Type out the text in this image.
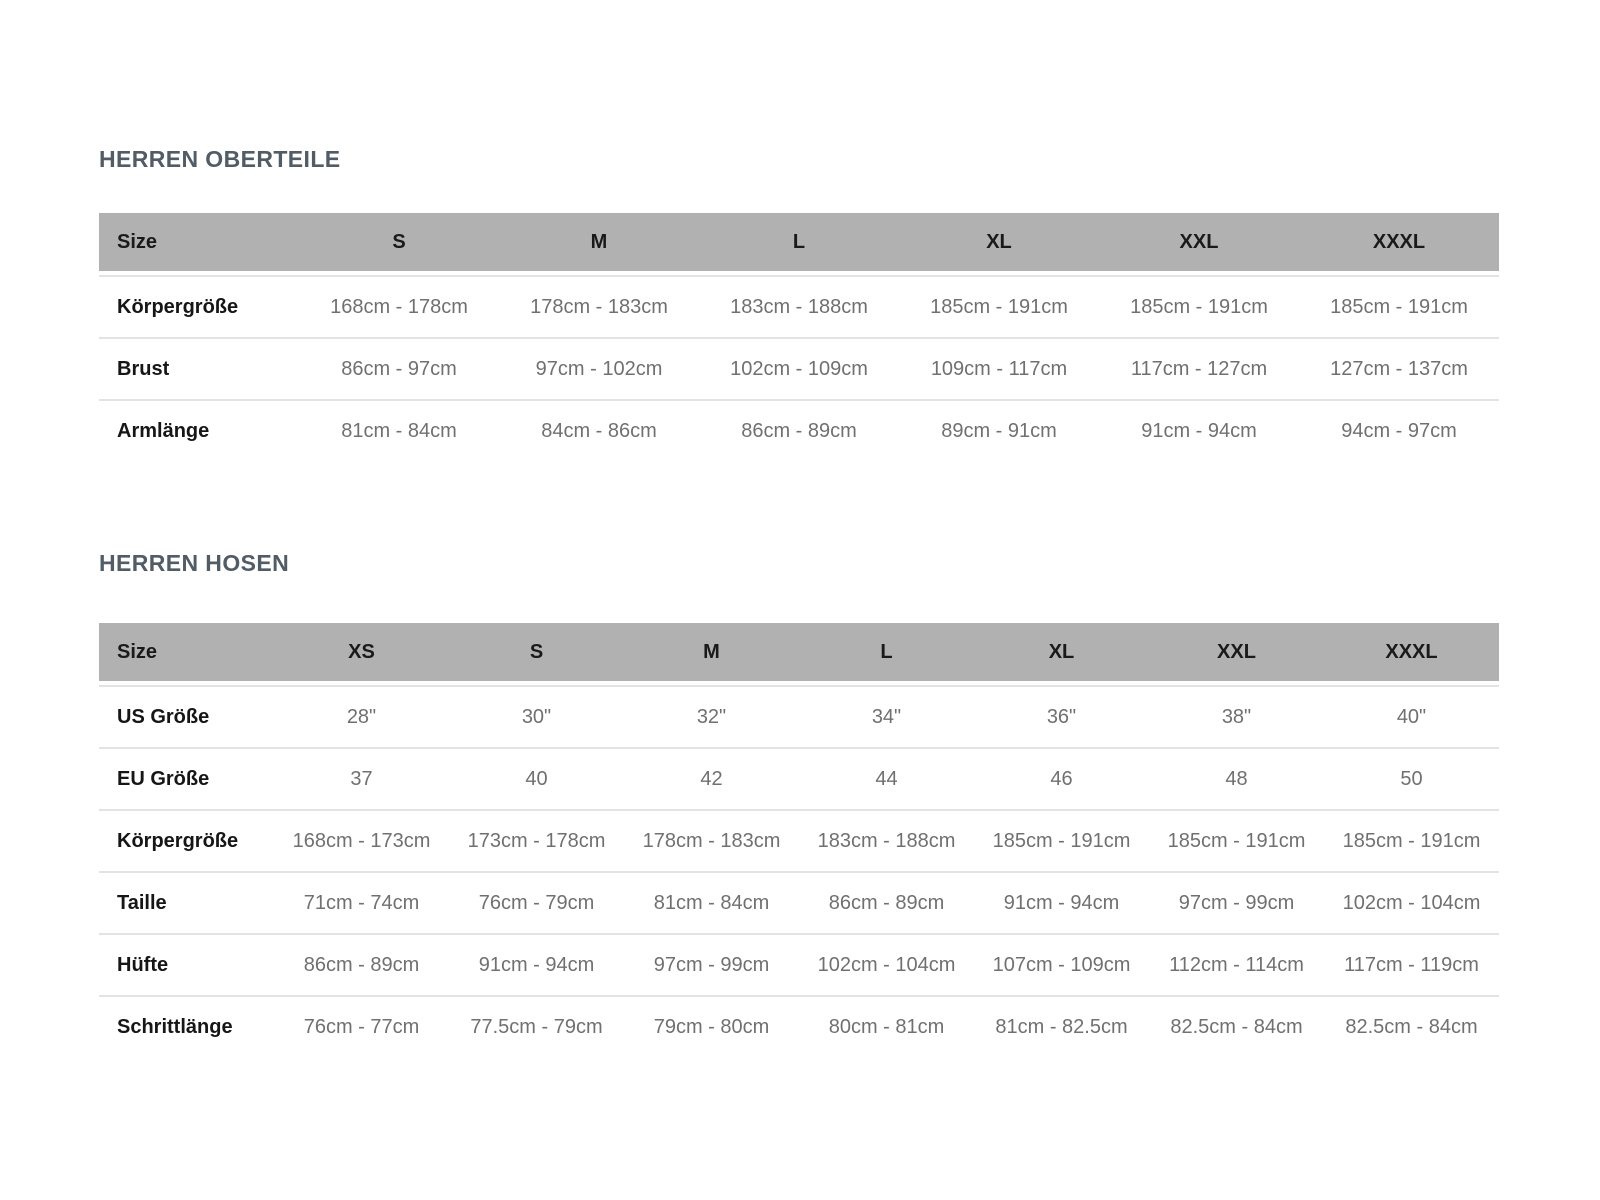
HERREN OBERTEILE
Size	S	M	L	XL	XXL	XXXL
Körpergröße	168cm - 178cm	178cm - 183cm	183cm - 188cm	185cm - 191cm	185cm - 191cm	185cm - 191cm
Brust	86cm - 97cm	97cm - 102cm	102cm - 109cm	109cm - 117cm	117cm - 127cm	127cm - 137cm
Armlänge	81cm - 84cm	84cm - 86cm	86cm - 89cm	89cm - 91cm	91cm - 94cm	94cm - 97cm
HERREN HOSEN
Size	XS	S	M	L	XL	XXL	XXXL
US Größe	28"	30"	32"	34"	36"	38"	40"
EU Größe	37	40	42	44	46	48	50
Körpergröße	168cm - 173cm	173cm - 178cm	178cm - 183cm	183cm - 188cm	185cm - 191cm	185cm - 191cm	185cm - 191cm
Taille	71cm - 74cm	76cm - 79cm	81cm - 84cm	86cm - 89cm	91cm - 94cm	97cm - 99cm	102cm - 104cm
Hüfte	86cm - 89cm	91cm - 94cm	97cm - 99cm	102cm - 104cm	107cm - 109cm	112cm - 114cm	117cm - 119cm
Schrittlänge	76cm - 77cm	77.5cm - 79cm	79cm - 80cm	80cm - 81cm	81cm - 82.5cm	82.5cm - 84cm	82.5cm - 84cm
